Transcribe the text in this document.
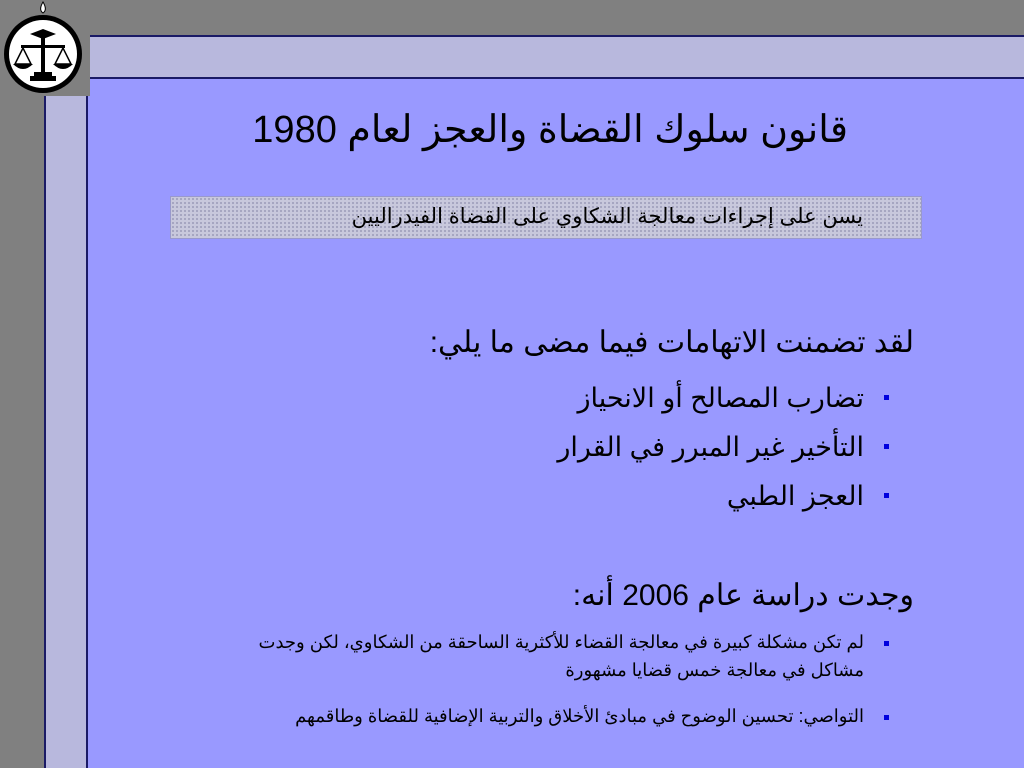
قانون سلوك القضاة والعجز لعام 1980
يسن على إجراءات معالجة الشكاوي على القضاة الفيدراليين
لقد تضمنت الاتهامات فيما مضى ما يلي:
تضارب المصالح أو الانحياز
التأخير غير المبرر في القرار
العجز الطبي
وجدت دراسة عام 2006 أنه:
لم تكن مشكلة كبيرة في معالجة القضاء للأكثرية الساحقة من الشكاوي، لكن وجدت مشاكل في معالجة خمس قضايا مشهورة
التواصي: تحسين الوضوح في مبادئ الأخلاق والتربية الإضافية للقضاة وطاقمهم
